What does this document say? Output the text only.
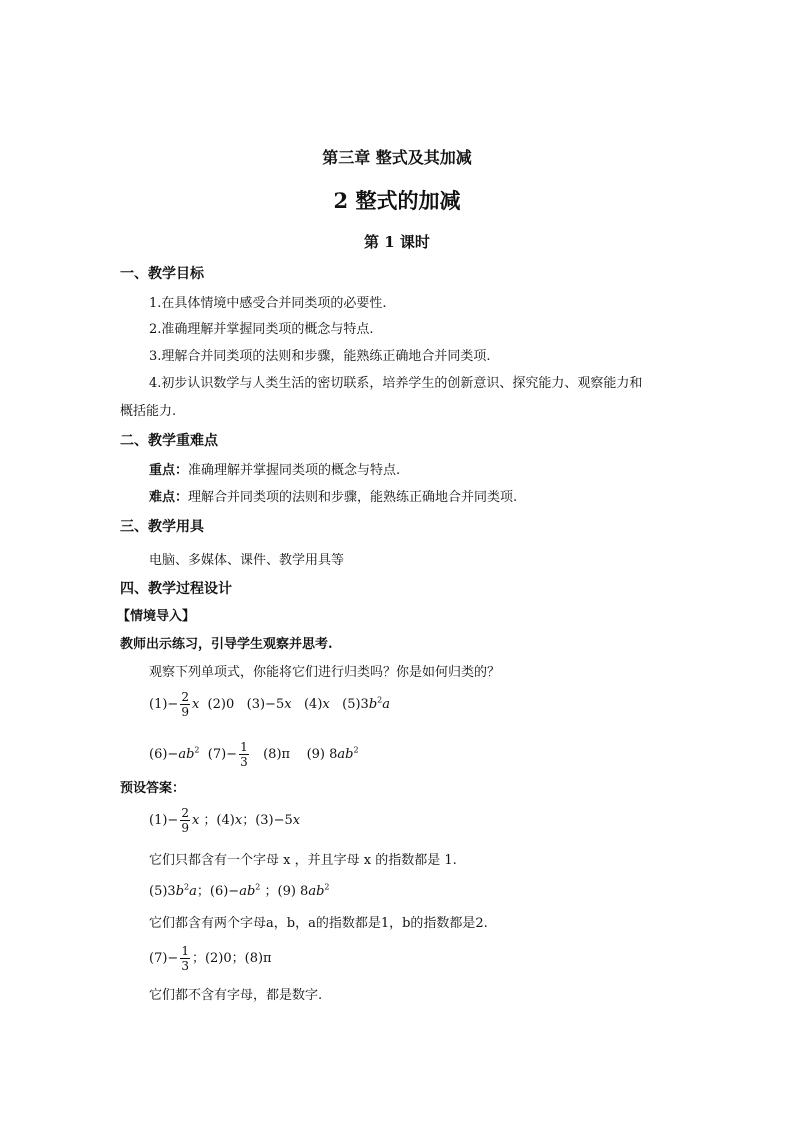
第三章 整式及其加减
2 整式的加减
第 1 课时
一、教学目标
1.在具体情境中感受合并同类项的必要性.
2.准确理解并掌握同类项的概念与特点.
3.理解合并同类项的法则和步骤，能熟练正确地合并同类项.
4.初步认识数学与人类生活的密切联系，培养学生的创新意识、探究能力、观察能力和
概括能力.
二、教学重难点
重点：准确理解并掌握同类项的概念与特点.
难点：理解合并同类项的法则和步骤，能熟练正确地合并同类项.
三、教学用具
电脑、多媒体、课件、教学用具等
四、教学过程设计
【情境导入】
教师出示练习，引导学生观察并思考.
观察下列单项式，你能将它们进行归类吗？你是如何归类的？
$(1)- \frac{2}{9}$ x  (2)0   (3)−5x   (4)x   $(5)3b^2a$
$(6)-ab^2$  $(7)- \frac{1}{3} (8)\pi$    (9) $8ab^2$
预设答案：
$(1)- \frac{2}{9}$ x ；(4)x；(3)−5x
它们只都含有一个字母 x ，并且字母 x 的指数都是 1.
$(5)3b^2a$；$(6)-ab^2$ ；(9) $8ab^2$
它们都含有两个字母a，b，a的指数都是1，b的指数都是2.
$(7)- \frac{1}{3}$ ；(2)0；(8)π
它们都不含有字母，都是数字.
